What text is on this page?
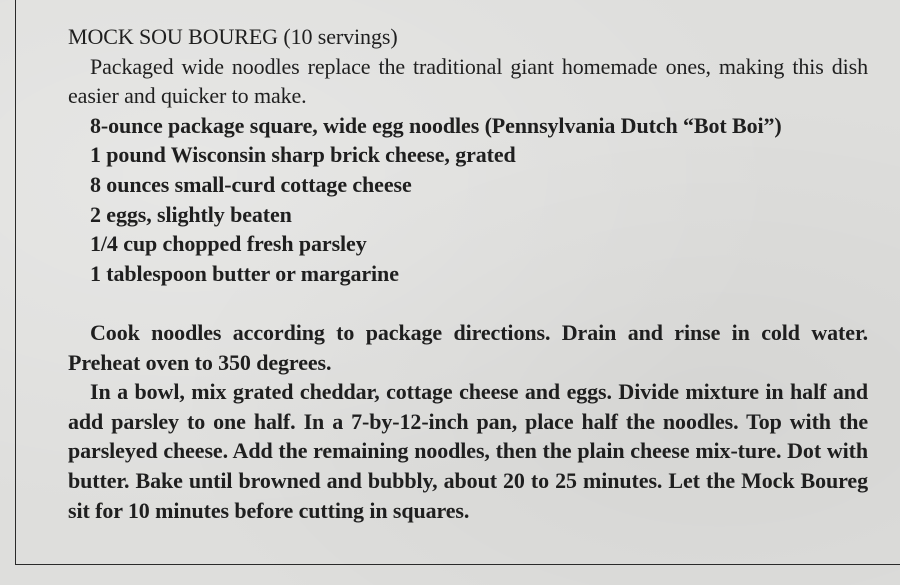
MOCK SOU BOUREG (10 servings)

Packaged wide noodles replace the traditional giant homemade ones, making this dish easier and quicker to make.

8-ounce package square, wide egg noodles (Pennsylvania Dutch “Bot Boi”)
1 pound Wisconsin sharp brick cheese, grated
8 ounces small-curd cottage cheese
2 eggs, slightly beaten
1/4 cup chopped fresh parsley
1 tablespoon butter or margarine

Cook noodles according to package directions. Drain and rinse in cold water. Preheat oven to 350 degrees.

In a bowl, mix grated cheddar, cottage cheese and eggs. Divide mixture in half and add parsley to one half. In a 7-by-12-inch pan, place half the noodles. Top with the parsleyed cheese. Add the remaining noodles, then the plain cheese mix-ture. Dot with butter. Bake until browned and bubbly, about 20 to 25 minutes. Let the Mock Boureg sit for 10 minutes before cutting in squares.
